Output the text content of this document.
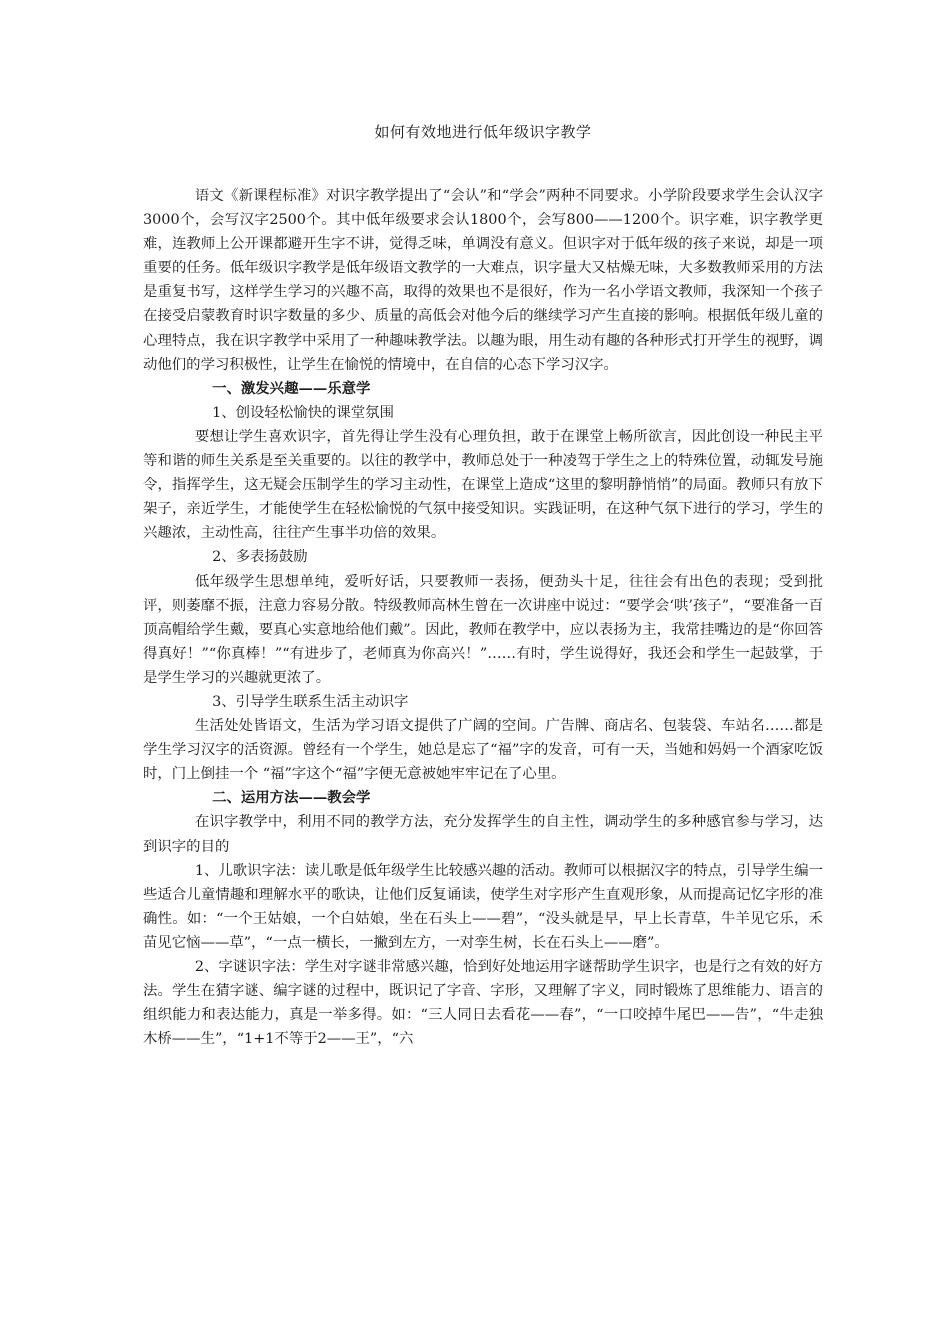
如何有效地进行低年级识字教学

语文《新课程标准》对识字教学提出了“会认”和“学会”两种不同要求。小学阶段要求学生会认汉字3000个，会写汉字2500个。其中低年级要求会认1800个，会写800——1200个。识字难，识字教学更难，连教师上公开课都避开生字不讲，觉得乏味，单调没有意义。但识字对于低年级的孩子来说，却是一项重要的任务。低年级识字教学是低年级语文教学的一大难点，识字量大又枯燥无味，大多数教师采用的方法是重复书写，这样学生学习的兴趣不高，取得的效果也不是很好，作为一名小学语文教师，我深知一个孩子在接受启蒙教育时识字数量的多少、质量的高低会对他今后的继续学习产生直接的影响。根据低年级儿童的心理特点，我在识字教学中采用了一种趣味教学法。以趣为眼，用生动有趣的各种形式打开学生的视野，调动他们的学习积极性，让学生在愉悦的情境中，在自信的心态下学习汉字。

一、激发兴趣——乐意学

1、创设轻松愉快的课堂氛围

要想让学生喜欢识字，首先得让学生没有心理负担，敢于在课堂上畅所欲言，因此创设一种民主平等和谐的师生关系是至关重要的。以往的教学中，教师总处于一种凌驾于学生之上的特殊位置，动辄发号施令，指挥学生，这无疑会压制学生的学习主动性，在课堂上造成“这里的黎明静悄悄”的局面。教师只有放下架子，亲近学生，才能使学生在轻松愉悦的气氛中接受知识。实践证明，在这种气氛下进行的学习，学生的兴趣浓，主动性高，往往产生事半功倍的效果。

2、多表扬鼓励

低年级学生思想单纯，爱听好话，只要教师一表扬，便劲头十足，往往会有出色的表现；受到批评，则萎靡不振，注意力容易分散。特级教师高林生曾在一次讲座中说过：“要学会‘哄’孩子”，“要准备一百顶高帽给学生戴，要真心实意地给他们戴”。因此，教师在教学中，应以表扬为主，我常挂嘴边的是“你回答得真好！”“你真棒！”“有进步了，老师真为你高兴！”……有时，学生说得好，我还会和学生一起鼓掌，于是学生学习的兴趣就更浓了。

3、引导学生联系生活主动识字

生活处处皆语文，生活为学习语文提供了广阔的空间。广告牌、商店名、包装袋、车站名……都是学生学习汉字的活资源。曾经有一个学生，她总是忘了“福”字的发音，可有一天，当她和妈妈一个酒家吃饭时，门上倒挂一个 “福”字这个“福”字便无意被她牢牢记在了心里。

二、运用方法——教会学

在识字教学中，利用不同的教学方法，充分发挥学生的自主性，调动学生的多种感官参与学习，达到识字的目的

1、儿歌识字法：读儿歌是低年级学生比较感兴趣的活动。教师可以根据汉字的特点，引导学生编一些适合儿童情趣和理解水平的歌诀，让他们反复诵读，使学生对字形产生直观形象，从而提高记忆字形的准确性。如：“一个王姑娘，一个白姑娘，坐在石头上——碧”，“没头就是早，早上长青草，牛羊见它乐，禾苗见它恼——草”，“一点一横长，一撇到左方，一对孪生树，长在石头上——磨”。

2、字谜识字法：学生对字谜非常感兴趣，恰到好处地运用字谜帮助学生识字，也是行之有效的好方法。学生在猜字谜、编字谜的过程中，既识记了字音、字形，又理解了字义，同时锻炼了思维能力、语言的组织能力和表达能力，真是一举多得。如：“三人同日去看花——春”，“一口咬掉牛尾巴——告”，“牛走独木桥——生”，“1+1不等于2——王”，“六
